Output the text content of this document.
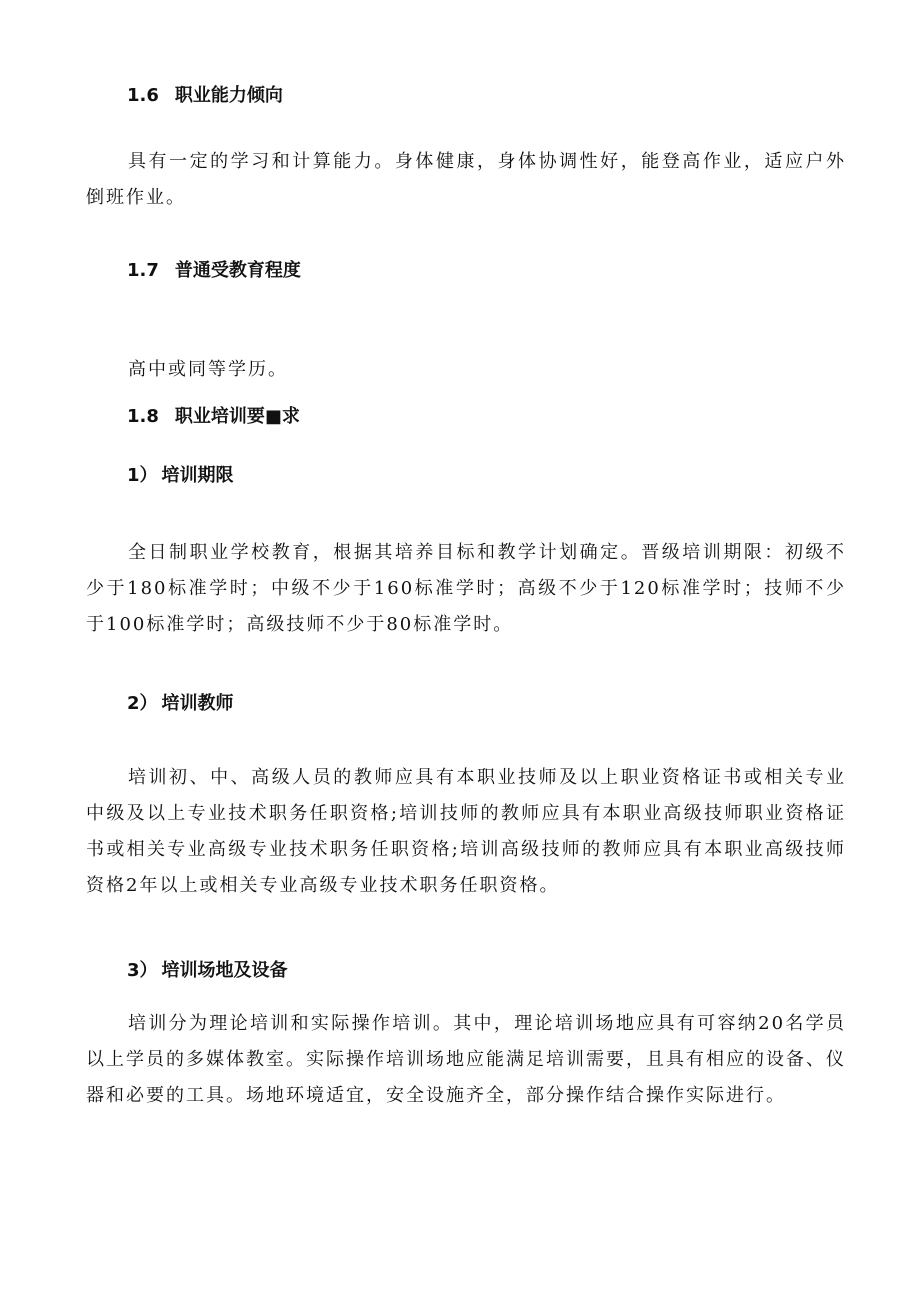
1.6 职业能力倾向
具有一定的学习和计算能力。身体健康，身体协调性好，能登高作业，适应户外倒班作业。
1.7 普通受教育程度
高中或同等学历。
1.8 职业培训要■求
1） 培训期限
全日制职业学校教育，根据其培养目标和教学计划确定。晋级培训期限：初级不少于180标准学时；中级不少于160标准学时；高级不少于120标准学时；技师不少于100标准学时；高级技师不少于80标准学时。
2） 培训教师
培训初、中、高级人员的教师应具有本职业技师及以上职业资格证书或相关专业中级及以上专业技术职务任职资格;培训技师的教师应具有本职业高级技师职业资格证书或相关专业高级专业技术职务任职资格;培训高级技师的教师应具有本职业高级技师资格2年以上或相关专业高级专业技术职务任职资格。
3） 培训场地及设备
培训分为理论培训和实际操作培训。其中，理论培训场地应具有可容纳20名学员以上学员的多媒体教室。实际操作培训场地应能满足培训需要，且具有相应的设备、仪器和必要的工具。场地环境适宜，安全设施齐全，部分操作结合操作实际进行。
